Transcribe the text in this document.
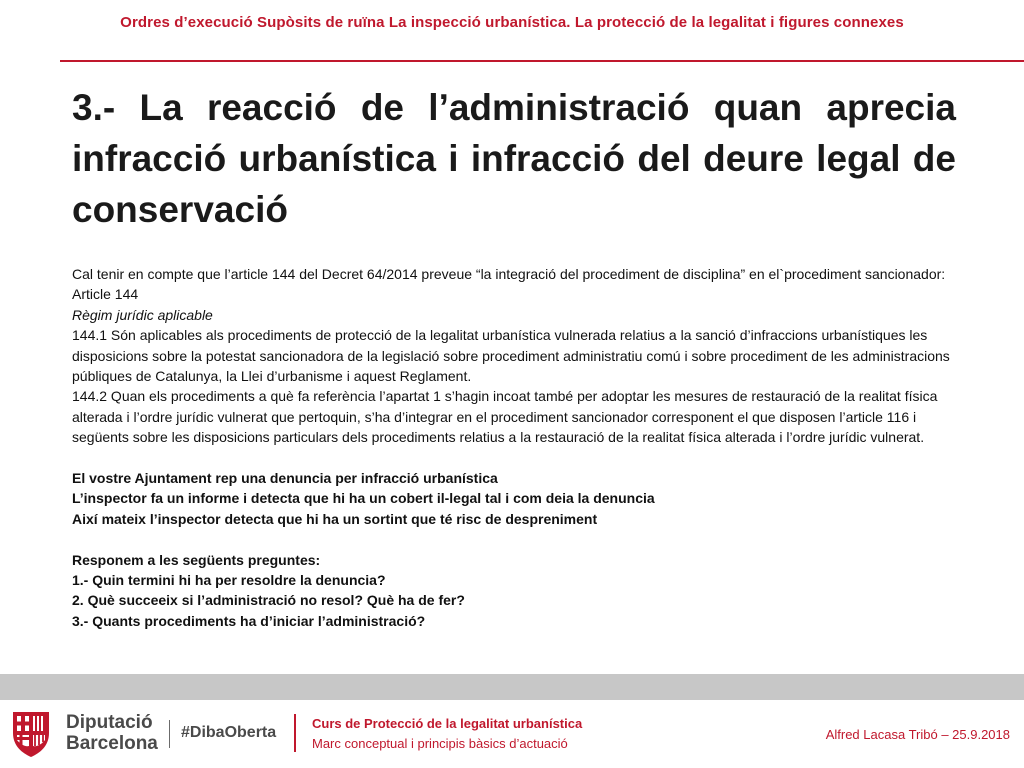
Ordres d’execució Supòsits de ruïna La inspecció urbanística. La protecció de la legalitat i figures connexes
3.- La reacció de l’administració quan aprecia infracció urbanística i infracció del deure legal de conservació

Cal tenir en compte que l’article 144 del Decret 64/2014 preveue “la integració del procediment de disciplina” en el`procediment sancionador:

Article 144

Règim jurídic aplicable

144.1 Són aplicables als procediments de protecció de la legalitat urbanística vulnerada relatius a la sanció d’infraccions urbanístiques les disposicions sobre la potestat sancionadora de la legislació sobre procediment administratiu comú i sobre procediment de les administracions públiques de Catalunya, la Llei d’urbanisme i aquest Reglament.

144.2 Quan els procediments a què fa referència l’apartat 1 s’hagin incoat també per adoptar les mesures de restauració de la realitat física alterada i l’ordre jurídic vulnerat que pertoquin, s’ha d’integrar en el procediment sancionador corresponent el que disposen l’article 116 i següents sobre les disposicions particulars dels procediments relatius a la restauració de la realitat física alterada i l’ordre jurídic vulnerat.

El vostre Ajuntament rep una denuncia per infracció urbanística

L’inspector fa un informe i detecta que hi ha un cobert il-legal tal i com deia la denuncia

Així mateix l’inspector detecta que hi ha un sortint que té risc de despreniment

Responem a les següents preguntes:

1.- Quin termini hi ha per resoldre la denuncia?

2. Què succeeix si l’administració no resol? Què ha de fer?

3.- Quants procediments ha d’iniciar l’administració?

Diputació
Barcelona
#DibaOberta
Curs de Protecció de la legalitat urbanística
Marc conceptual i principis bàsics d’actuació
Alfred Lacasa Tribó – 25.9.2018
